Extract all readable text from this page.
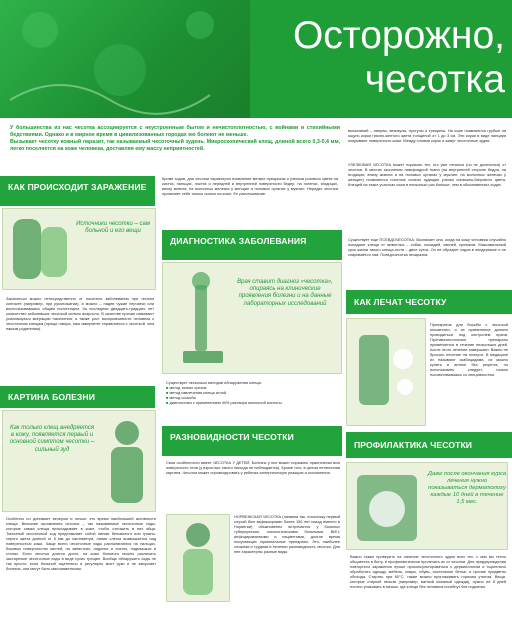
Осторожно,
чесотка
У большинства из нас чесотка ассоциируется с неустроенным бытом и нечистоплотностью, с войнами и стихийными бедствиями. Однако и в мирное время в цивилизованных городах ею болеют не меньше.
Вызывает чесотку кожный паразит, так называемый чесоточный зудень. Микроскопический клещ, длиной всего 0,3-0,4 мм, легко поселяется на коже человека, доставляя ему массу неприятностей.
КАК ПРОИСХОДИТ ЗАРАЖЕНИЕ
Источники чесотки – сам больной и его вещи
Заразиться можно непосредственно от носителя заболевания при тесном контакте (например, при рукопожатии), а можно – надев чужие перчатки или воспользовавшись общим полотенцем. За последние двадцать-тридцать лет количество заболевших чесоткой сильно возросло. В качестве причин называют усилившуюся миграцию населения, а также рост воспримчивости человека к чесоточным клещам (проще говоря, наш иммунитет справляется с чесоткой, чем нашим родителям).
КАРТИНА БОЛЕЗНИ
Как только клещ внедряется в кожу, появляется первый и основной симптом чесотки – сильный зуд
Особенно он донимает вечером и ночью: это время наибольшей активности клеща. Внешние проявления чесотки – так называемые чесоточные ходы, которые самка клеща прокладывает в коже, чтобы отложить в них яйца. Типичный чесоточный ход представляет собой линию беловатого или грязно-серого цвета длиной от 5 мм до сантиметра, линия слегка возвышается над поверхностью кожи. Чаще всего чесоточные ходы располагаются на пальцах, боковых поверхностях кистей, на запястьях, ладонях и локтях, подмышках и стопах. Если чесотка длится долго, на коже больного можно различить застарелые чесоточные ходы в виде сухих трещин. Вообще обнаружить ходы не так просто: если больной тщательно и регулярно моет руки и не запускает болезнь, они могут быть малозаметными.
Кроме ходов, для чесотки характерно появление мелких пузырьков и узелков розового цвета на кистях, пальцах, локтях и передней и внутренней поверхности бедер, на голенях, ягодицах, внизу живота, на молочных железах у женщин и половых органах у мужчин. Нередко чесотка проявляет себя только сыпью на коже. Ее расчесывание.
ДИАГНОСТИКА ЗАБОЛЕВАНИЯ
Врач ставит диагноз «чесотка», опираясь на клинические проявления болезни и на данные лабораторных исследований
Существует несколько методов обнаружения клеща:
■ метод тонких срезов
■ метод извлечения клеща иглой
■ метод соскоба
■ диагностика с применением 40% раствора молочной кислоты.
РАЗНОВИДНОСТИ ЧЕСОТКИ
Свои особенности имеет ЧЕСОТКА У ДЕТЕЙ. Болезнь у них может поражать практически всю поверхность тела (у взрослых такого никогда не наблюдается). Кроме того, в целом нетипичная картина. Чесотка может спровоцировать у ребенка аллергическую реакцию и осложнения.
НОРВЕЖСКАЯ ЧЕСОТКА (названа так, поскольку первый случай был зафиксирован более 150 лет назад именно в Норвегии) обыкновенно встречается у больных туберкулезом, онкологическими больными, ВИЧ-инфицированными и пациентами, долгое время получающих гормональные препараты. Это, наиболее сложная и трудная в лечении разновидность чесотки. Для нее характерны разные виды
высыпаний – папулы, везикулы, пустулы и трещины. На коже появляются грубые на ощупь корки грязно-желтого цвета толщиной от 1 до 3 см. Эти корки в виде панциря покрывают поверхность кожи. Между слоями корок и живут чесоточные зудни.
УЗЕЛКОВАЯ ЧЕСОТКА может поразить тех, кто уже лечился (но не долечился) от чесотки. В местах скопления лимфоидной ткани (на внутренней стороне бедра, на ягодицах, внизу живота и на половых органах у мужчин, на молочных железах у женщин) появляются плотные сильно зудящие узелки синюшно-багрового цвета. Клещей на таких участках кожи в несколько раз больше, чем в обыкновенных ходах.
Существует еще ПСЕВДОЧЕСОТКА. Возникает она, когда на кожу человека случайно попадают клещи от животных – собак, лошадей, свиней, кроликов. Максимальный срок жизни такого клеща-гостя – двое суток. Он не образует ходов в эпидермисе и не спаривается там. Псевдочесотка незаразна.
КАК ЛЕЧАТ ЧЕСОТКУ
Препаратов для борьбы с чесоткой множество, и их применение должно проводиться под контролем врача. Противочесоточные препараты применяются в течение нескольких дней, после этого лечение завершают. Важно не бросать лечение на полпути. В медицине их называют скабицидами, их можно купить в аптеке без рецепта, но использовать следует, только посоветовавшись со специалистом.
ПРОФИЛАКТИКА ЧЕСОТКИ
Даже после окончания курса лечения нужно показываться дерматологу каждые 10 дней в течение 1,5 мес.
Важно также проверить на наличие чесоточного зудня всех тех, с кем вы тесно общаетесь в быту, и профилактически пролечить их от чесотки. Для предупреждения повторного заражения лучше проконсультироваться с дерматологом и тщательно обработать одежду, мебель, ковры, обувь, постельное белье, и прочие предметы обихода. Стирать при 60°С, также можно проглаживать горячим утюгом. Вещи, которые стиркой нельзя (например, ватный кожаный одежда), нужно на 5 дней плотно упаковать в мешок, где клещи без человека погибнут без подпитки.
